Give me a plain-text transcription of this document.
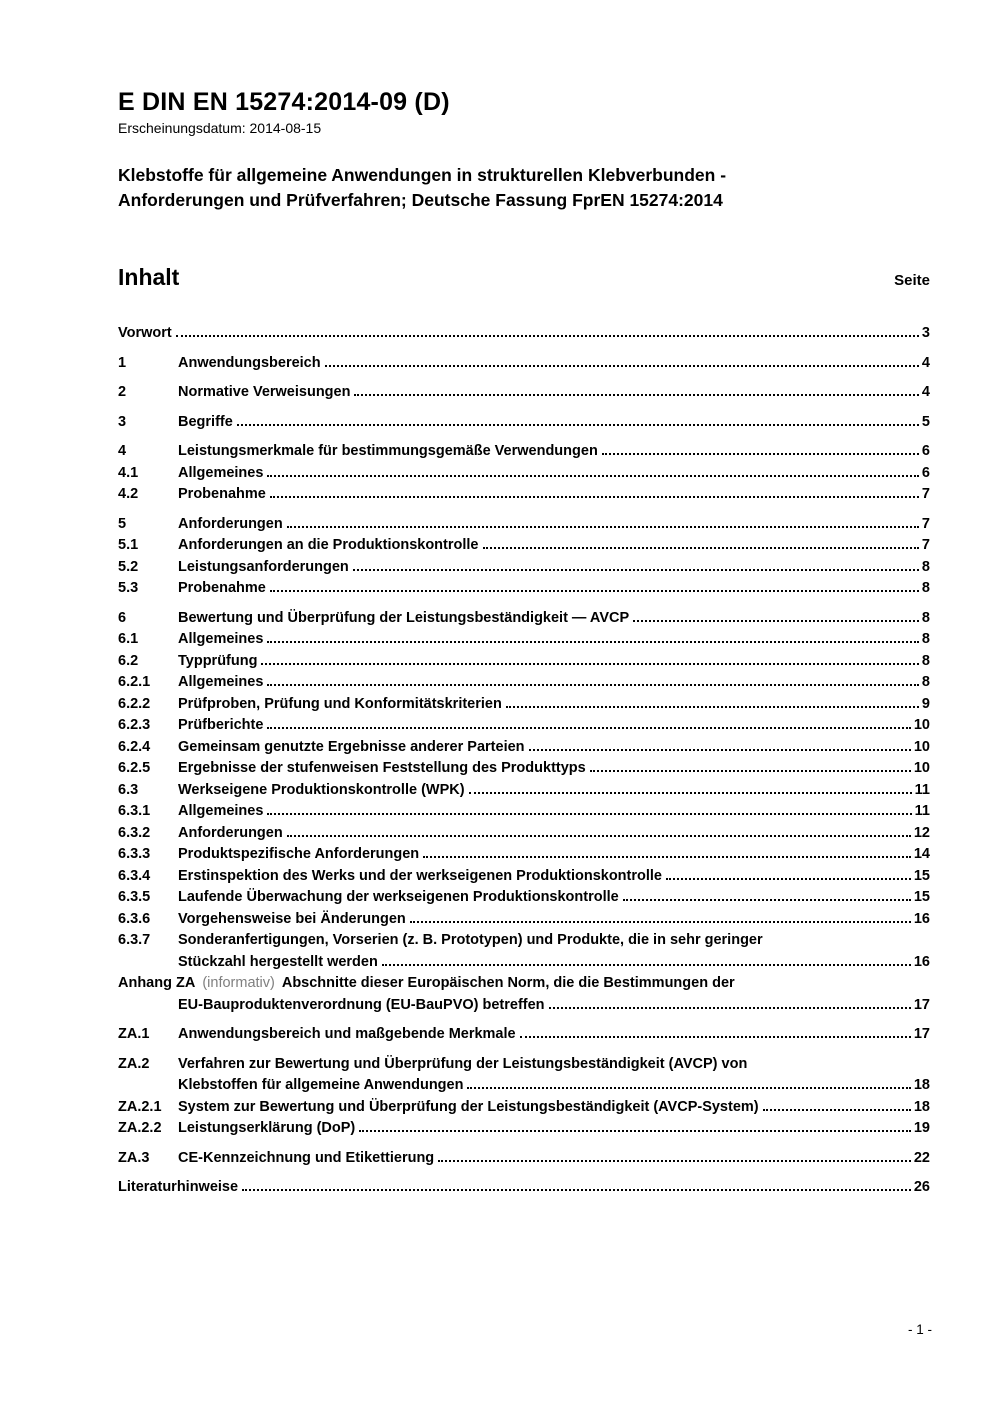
E DIN EN 15274:2014-09 (D)

Erscheinungsdatum: 2014-08-15

Klebstoffe für allgemeine Anwendungen in strukturellen Klebverbunden -
Anforderungen und Prüfverfahren; Deutsche Fassung FprEN 15274:2014
Inhalt	Seite
Vorwort	3
1	Anwendungsbereich	4
2	Normative Verweisungen	4
3	Begriffe	5
4	Leistungsmerkmale für bestimmungsgemäße Verwendungen	6
4.1	Allgemeines	6
4.2	Probenahme	7
5	Anforderungen	7
5.1	Anforderungen an die Produktionskontrolle	7
5.2	Leistungsanforderungen	8
5.3	Probenahme	8
6	Bewertung und Überprüfung der Leistungsbeständigkeit — AVCP	8
6.1	Allgemeines	8
6.2	Typprüfung	8
6.2.1	Allgemeines	8
6.2.2	Prüfproben, Prüfung und Konformitätskriterien	9
6.2.3	Prüfberichte	10
6.2.4	Gemeinsam genutzte Ergebnisse anderer Parteien	10
6.2.5	Ergebnisse der stufenweisen Feststellung des Produkttyps	10
6.3	Werkseigene Produktionskontrolle (WPK)	11
6.3.1	Allgemeines	11
6.3.2	Anforderungen	12
6.3.3	Produktspezifische Anforderungen	14
6.3.4	Erstinspektion des Werks und der werkseigenen Produktionskontrolle	15
6.3.5	Laufende Überwachung der werkseigenen Produktionskontrolle	15
6.3.6	Vorgehensweise bei Änderungen	16
6.3.7	Sonderanfertigungen, Vorserien (z. B. Prototypen) und Produkte, die in sehr geringer
Stückzahl hergestellt werden	16
Anhang ZA (informativ) Abschnitte dieser Europäischen Norm, die die Bestimmungen der
EU-Bauproduktenverordnung (EU-BauPVO) betreffen	17
ZA.1	Anwendungsbereich und maßgebende Merkmale	17
ZA.2	Verfahren zur Bewertung und Überprüfung der Leistungsbeständigkeit (AVCP) von
Klebstoffen für allgemeine Anwendungen	18
ZA.2.1	System zur Bewertung und Überprüfung der Leistungsbeständigkeit (AVCP-System)	18
ZA.2.2	Leistungserklärung (DoP)	19
ZA.3	CE-Kennzeichnung und Etikettierung	22
Literaturhinweise	26
- 1 -
